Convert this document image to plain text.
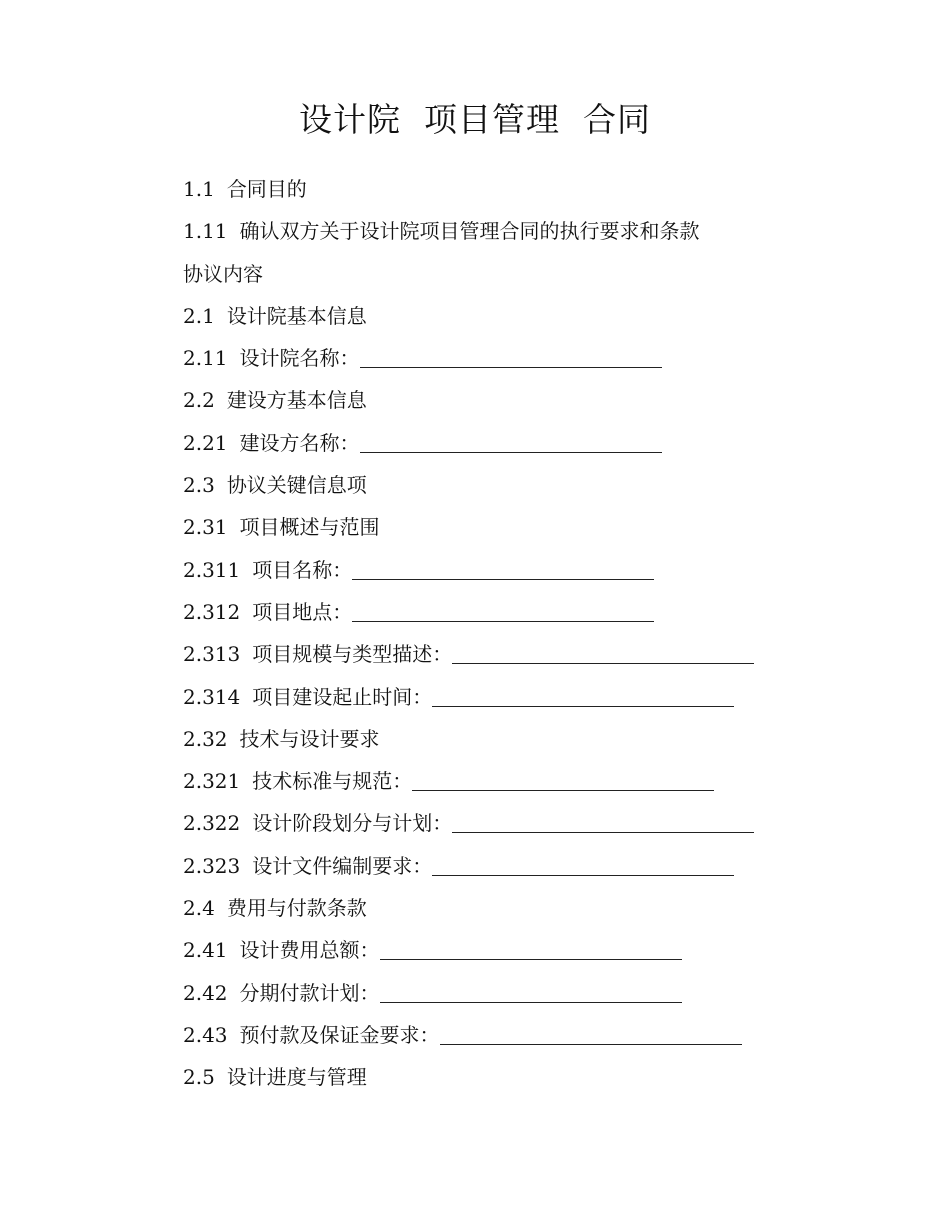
设计院  项目管理  合同
1.1 合同目的
1.11 确认双方关于设计院项目管理合同的执行要求和条款
协议内容
2.1 设计院基本信息
2.11 设计院名称：
2.2 建设方基本信息
2.21 建设方名称：
2.3 协议关键信息项
2.31 项目概述与范围
2.311 项目名称：
2.312 项目地点：
2.313 项目规模与类型描述：
2.314 项目建设起止时间：
2.32 技术与设计要求
2.321 技术标准与规范：
2.322 设计阶段划分与计划：
2.323 设计文件编制要求：
2.4 费用与付款条款
2.41 设计费用总额：
2.42 分期付款计划：
2.43 预付款及保证金要求：
2.5 设计进度与管理
